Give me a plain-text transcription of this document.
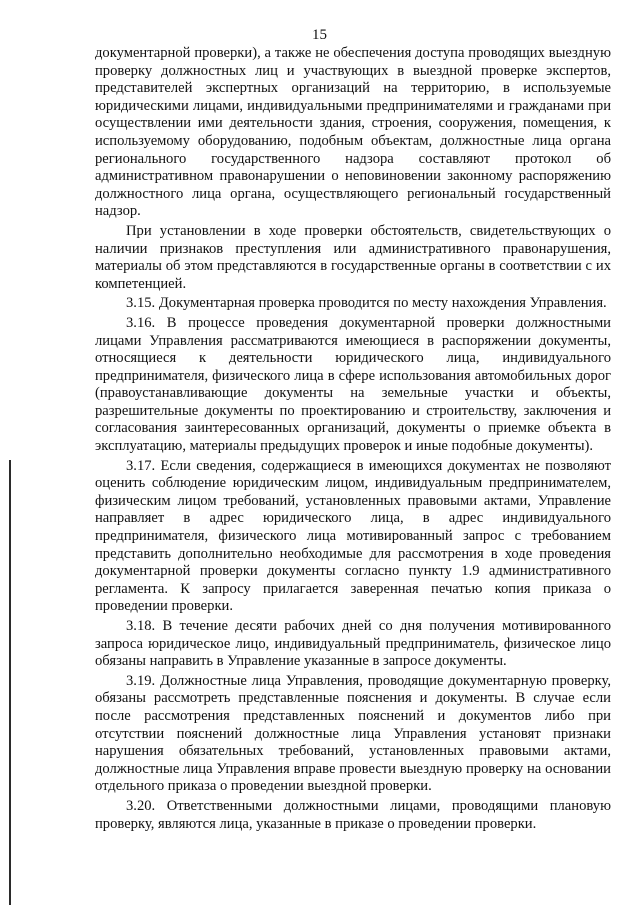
15

документарной проверки), а также не обеспечения доступа проводящих выездную проверку должностных лиц и участвующих в выездной проверке экспертов, представителей экспертных организаций на территорию, в используемые юридическими лицами, индивидуальными предпринимателями и гражданами при осуществлении ими деятельности здания, строения, сооружения, помещения, к используемому оборудованию, подобным объектам, должностные лица органа регионального государственного надзора составляют протокол об административном правонарушении о неповиновении законному распоряжению должностного лица органа, осуществляющего региональный государственный надзор.

При установлении в ходе проверки обстоятельств, свидетельствующих о наличии признаков преступления или административного правонарушения, материалы об этом представляются в государственные органы в соответствии с их компетенцией.

3.15. Документарная проверка проводится по месту нахождения Управления.

3.16. В процессе проведения документарной проверки должностными лицами Управления рассматриваются имеющиеся в распоряжении документы, относящиеся к деятельности юридического лица, индивидуального предпринимателя, физического лица в сфере использования автомобильных дорог (правоустанавливающие документы на земельные участки и объекты, разрешительные документы по проектированию и строительству, заключения и согласования заинтересованных организаций, документы о приемке объекта в эксплуатацию, материалы предыдущих проверок и иные подобные документы).

3.17. Если сведения, содержащиеся в имеющихся документах не позволяют оценить соблюдение юридическим лицом, индивидуальным предпринимателем, физическим лицом требований, установленных правовыми актами, Управление направляет в адрес юридического лица, в адрес индивидуального предпринимателя, физического лица мотивированный запрос с требованием представить дополнительно необходимые для рассмотрения в ходе проведения документарной проверки документы согласно пункту 1.9 административного регламента. К запросу прилагается заверенная печатью копия приказа о проведении проверки.

3.18. В течение десяти рабочих дней со дня получения мотивированного запроса юридическое лицо, индивидуальный предприниматель, физическое лицо обязаны направить в Управление указанные в запросе документы.

3.19. Должностные лица Управления, проводящие документарную проверку, обязаны рассмотреть представленные пояснения и документы. В случае если после рассмотрения представленных пояснений и документов либо при отсутствии пояснений должностные лица Управления установят признаки нарушения обязательных требований, установленных правовыми актами, должностные лица Управления вправе провести выездную проверку на основании отдельного приказа о проведении выездной проверки.

3.20. Ответственными должностными лицами, проводящими плановую проверку, являются лица, указанные в приказе о проведении проверки.
